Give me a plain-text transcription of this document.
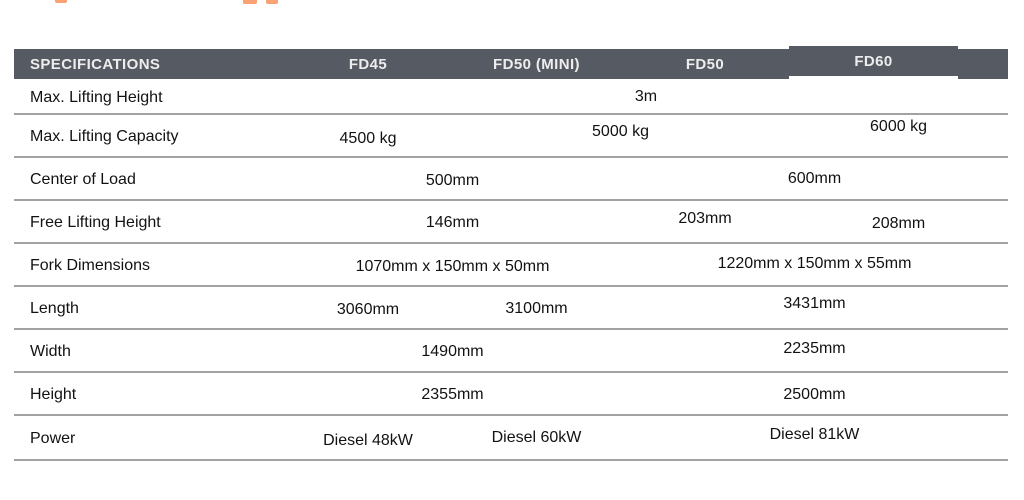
SPECIFICATIONS	FD45	FD50 (MINI)	FD50	FD60	
Max. Lifting Height	3m				
Max. Lifting Capacity	4500 kg	5000 kg		6000 kg	
Center of Load	500mm		600mm		
Free Lifting Height	146mm		203mm	208mm	
Fork Dimensions	1070mm x 150mm x 50mm		1220mm x 150mm x 55mm		
Length	3060mm	3100mm	3431mm		
Width	1490mm		2235mm		
Height	2355mm		2500mm		
Power	Diesel 48kW	Diesel 60kW	Diesel 81kW		
